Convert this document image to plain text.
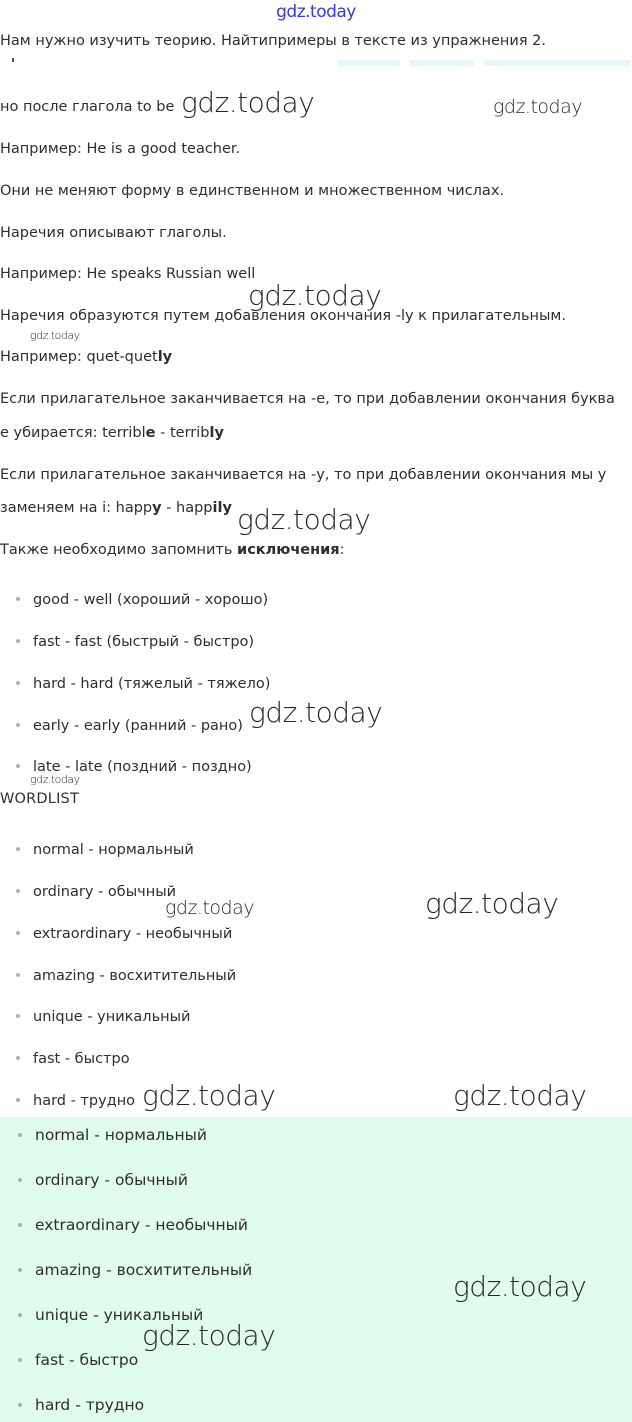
gdz.today
Нам нужно изучить теорию. Найтипримеры в тексте из упражнения 2.
но после глагола to be
Например: He is a good teacher.
Они не меняют форму в единственном и множественном числах.
Наречия описывают глаголы.
Например: He speaks Russian well
Наречия образуются путем добавления окончания -ly к прилагательным.
Например: quet-quetly
Если прилагательное заканчивается на -е, то при добавлении окончания буква
e убирается: terrible - terribly
Если прилагательное заканчивается на -y, то при добавлении окончания мы у
заменяем на i: happy - happily
Также необходимо запомнить исключения:
good - well (хороший - хорошо)
fast - fast (быстрый - быстро)
hard - hard (тяжелый - тяжело)
early - early (ранний - рано)
late - late (поздний - поздно)
WORDLIST
normal - нормальный
ordinary - обычный
extraordinary - необычный
amazing - восхитительный
unique - уникальный
fast - быстро
hard - трудно
normal - нормальный
ordinary - обычный
extraordinary - необычный
amazing - восхитительный
unique - уникальный
fast - быстро
hard - трудно
gdz.today	gdz.today
gdz.today
gdz.today
gdz.today
gdz.today
gdz.today
gdz.today	gdz.today
gdz.today	gdz.today
gdz.today
gdz.today
